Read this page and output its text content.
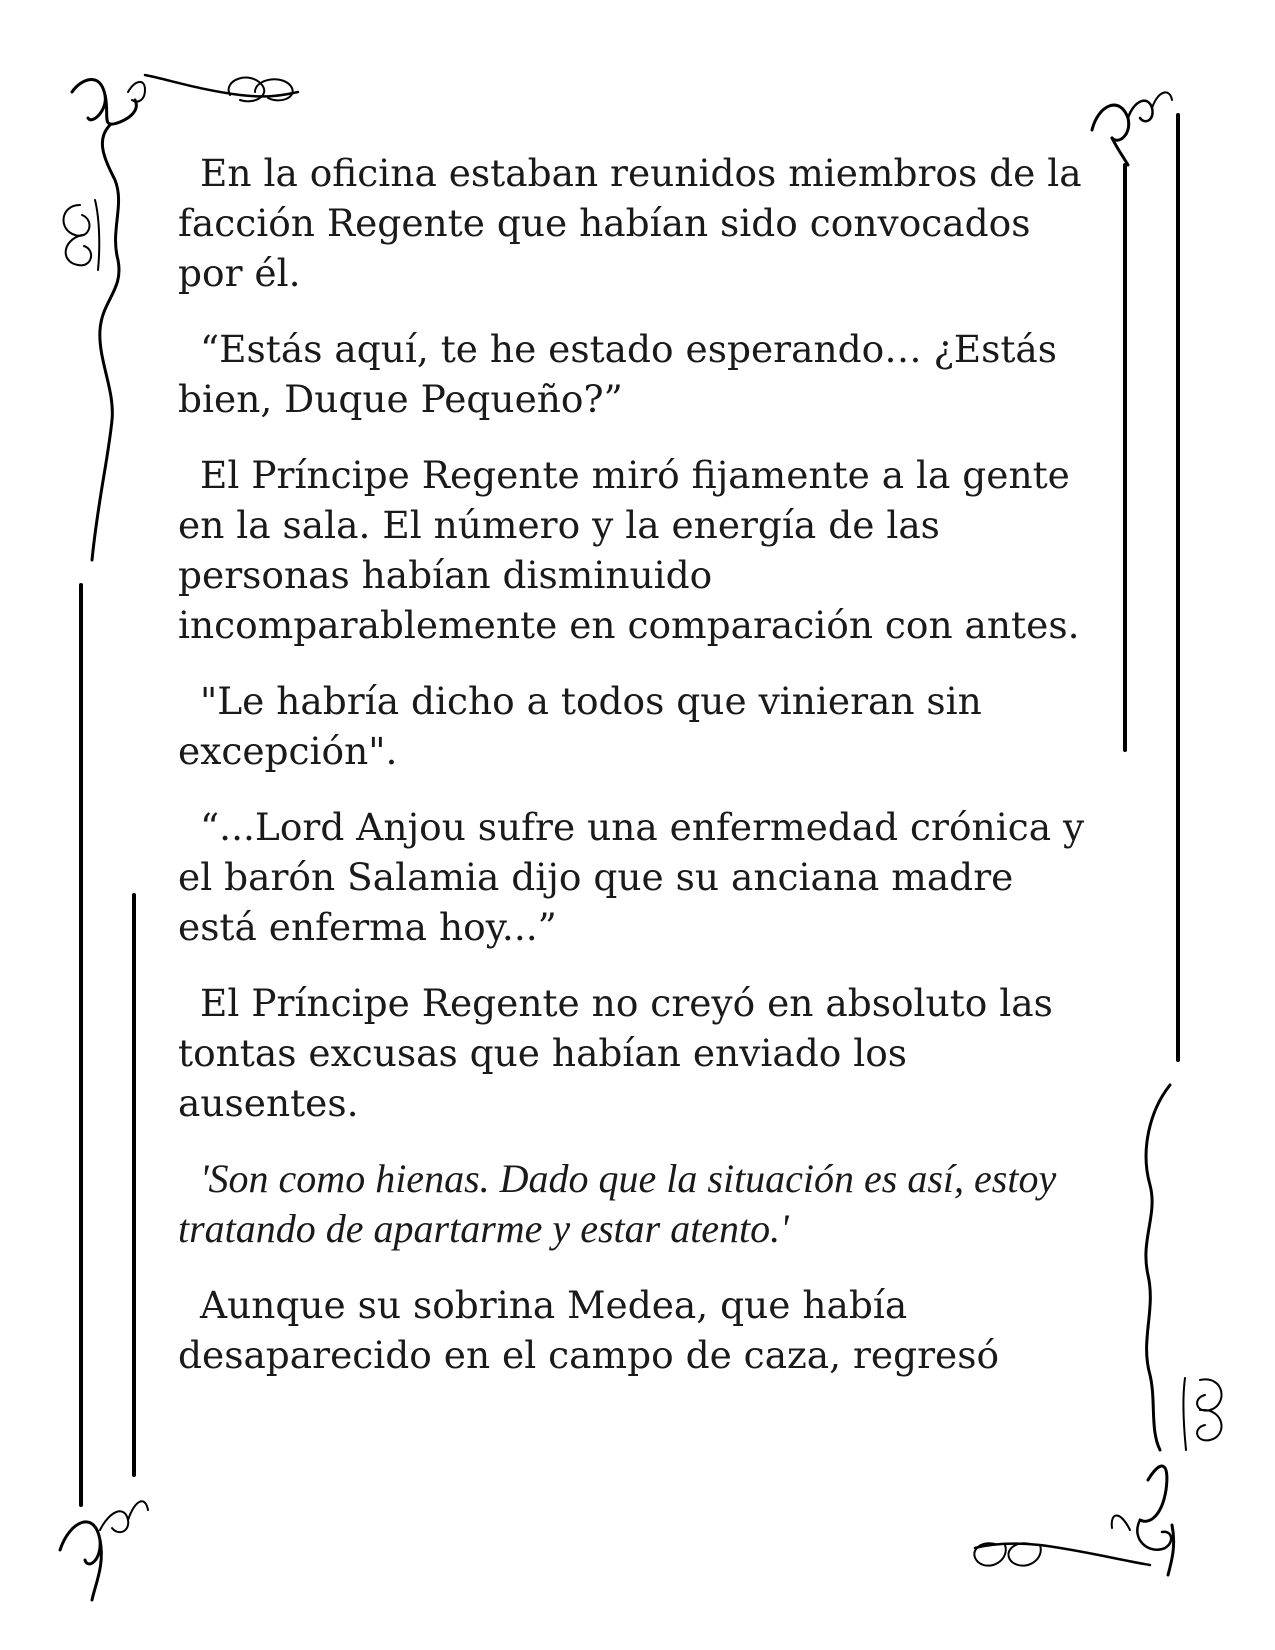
En la oficina estaban reunidos miembros de la facción Regente que habían sido convocados por él.

“Estás aquí, te he estado esperando… ¿Estás bien, Duque Pequeño?”

El Príncipe Regente miró fijamente a la gente en la sala. El número y la energía de las personas habían disminuido incomparablemente en comparación con antes.

"Le habría dicho a todos que vinieran sin excepción".

“...Lord Anjou sufre una enfermedad crónica y el barón Salamia dijo que su anciana madre está enferma hoy...”

El Príncipe Regente no creyó en absoluto las tontas excusas que habían enviado los ausentes.

'Son como hienas. Dado que la situación es así, estoy tratando de apartarme y estar atento.'

Aunque su sobrina Medea, que había desaparecido en el campo de caza, regresó
